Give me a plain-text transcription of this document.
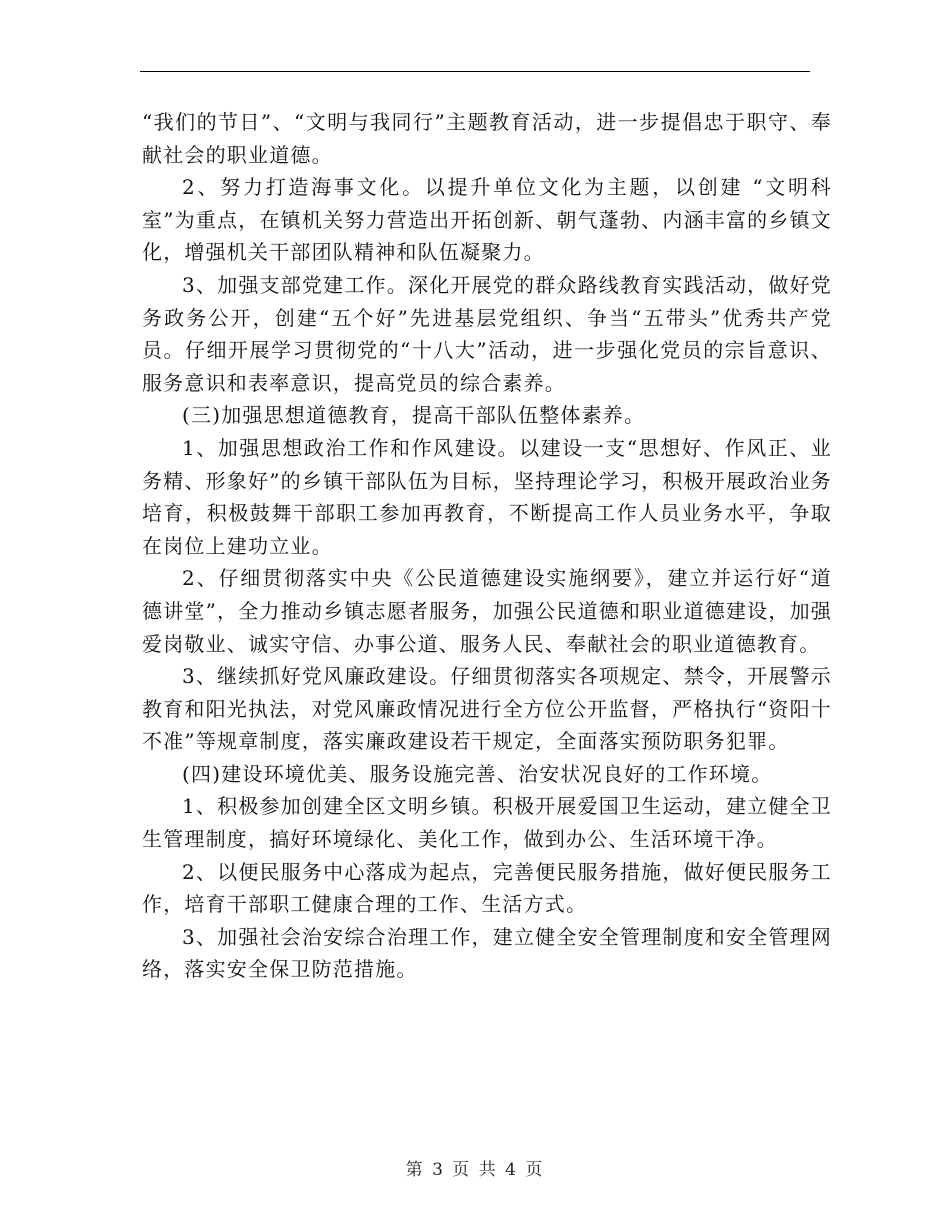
“我们的节日”、“文明与我同行”主题教育活动，进一步提倡忠于职守、奉献社会的职业道德。

2、努力打造海事文化。以提升单位文化为主题，以创建 “文明科室”为重点，在镇机关努力营造出开拓创新、朝气蓬勃、内涵丰富的乡镇文化，增强机关干部团队精神和队伍凝聚力。

3、加强支部党建工作。深化开展党的群众路线教育实践活动，做好党务政务公开，创建“五个好”先进基层党组织、争当“五带头”优秀共产党员。仔细开展学习贯彻党的“十八大”活动，进一步强化党员的宗旨意识、服务意识和表率意识，提高党员的综合素养。

(三)加强思想道德教育，提高干部队伍整体素养。

1、加强思想政治工作和作风建设。以建设一支“思想好、作风正、业务精、形象好”的乡镇干部队伍为目标，坚持理论学习，积极开展政治业务培育，积极鼓舞干部职工参加再教育，不断提高工作人员业务水平，争取在岗位上建功立业。

2、仔细贯彻落实中央《公民道德建设实施纲要》，建立并运行好“道德讲堂”，全力推动乡镇志愿者服务，加强公民道德和职业道德建设，加强爱岗敬业、诚实守信、办事公道、服务人民、奉献社会的职业道德教育。

3、继续抓好党风廉政建设。仔细贯彻落实各项规定、禁令，开展警示教育和阳光执法，对党风廉政情况进行全方位公开监督，严格执行“资阳十不准”等规章制度，落实廉政建设若干规定，全面落实预防职务犯罪。

(四)建设环境优美、服务设施完善、治安状况良好的工作环境。

1、积极参加创建全区文明乡镇。积极开展爱国卫生运动，建立健全卫生管理制度，搞好环境绿化、美化工作，做到办公、生活环境干净。

2、以便民服务中心落成为起点，完善便民服务措施，做好便民服务工作，培育干部职工健康合理的工作、生活方式。

3、加强社会治安综合治理工作，建立健全安全管理制度和安全管理网络，落实安全保卫防范措施。

第 3 页 共 4 页
